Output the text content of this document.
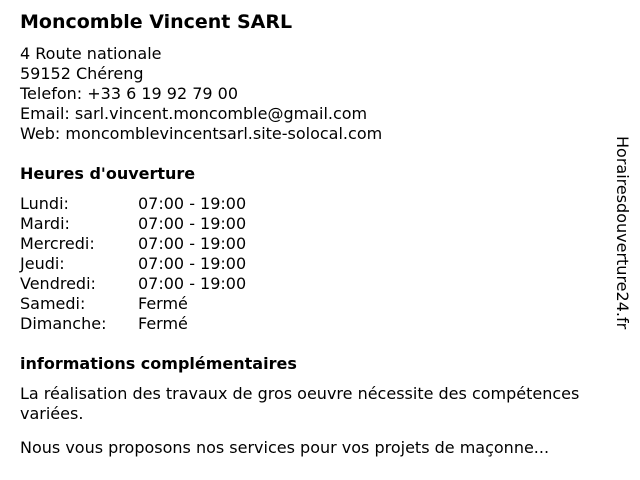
Moncomble Vincent SARL
4 Route nationale
59152 Chéreng
Telefon: +33 6 19 92 79 00
Email: sarl.vincent.moncomble@gmail.com
Web: moncomblevincentsarl.site-solocal.com
Heures d'ouverture
Lundi:	07:00 - 19:00
Mardi:	07:00 - 19:00
Mercredi:	07:00 - 19:00
Jeudi:	07:00 - 19:00
Vendredi:	07:00 - 19:00
Samedi:	Fermé
Dimanche: Fermé
informations complémentaires

La réalisation des travaux de gros oeuvre nécessite des compétences variées.

Nous vous proposons nos services pour vos projets de maçonne...

Horairesdouverture24.fr
